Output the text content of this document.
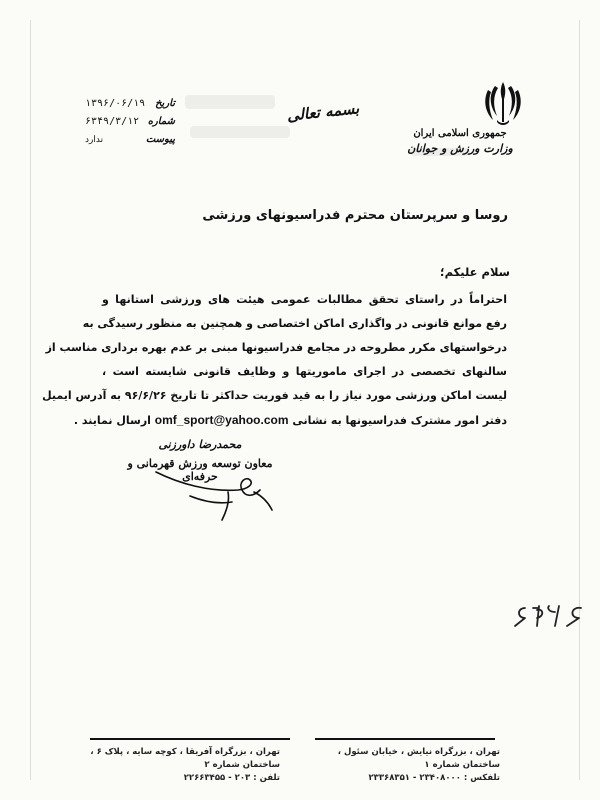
جمهوری اسلامی ایران
وزارت ورزش و جوانان
بسمه تعالی
تاریخ
۱۳۹۶/۰۶/۱۹
شماره
۶۳۴۹/۳/۱۲
پیوست
ندارد
روسا و سرپرستان محترم فدراسیونهای ورزشی
سلام علیکم؛
احتراماً در راستای تحقق مطالبات عمومی هیئت های ورزشی استانها و
رفع موانع قانونی در واگذاری اماکن اختصاصی و همچنین به منظور رسیدگی به
درخواستهای مکرر مطروحه در مجامع فدراسیونها مبنی بر عدم بهره برداری مناسب از
سالنهای تخصصی در اجرای ماموریتها و وظایف قانونی شایسته است ،
لیست اماکن ورزشی مورد نیاز را به قید فوریت حداکثر تا تاریخ ۹۶/۶/۲۶ به آدرس ایمیل
دفتر امور مشترک فدراسیونها به نشانی omf_sport@yahoo.com ارسال نمایند .
محمدرضا داورزنی
معاون توسعه ورزش قهرمانی و حرفه‌ای
تهران ، بزرگراه نیایش ، خیابان سئول ، ساختمان شماره ۱
تلفکس : ۲۳۴۰۸۰۰۰ - ۲۳۳۶۸۳۵۱
تهران ، بزرگراه آفریقا ، کوچه سایه ، پلاک ۶ ، ساختمان شماره ۲
تلفن : ۲۰۳ - ۲۲۶۶۳۴۵۵
